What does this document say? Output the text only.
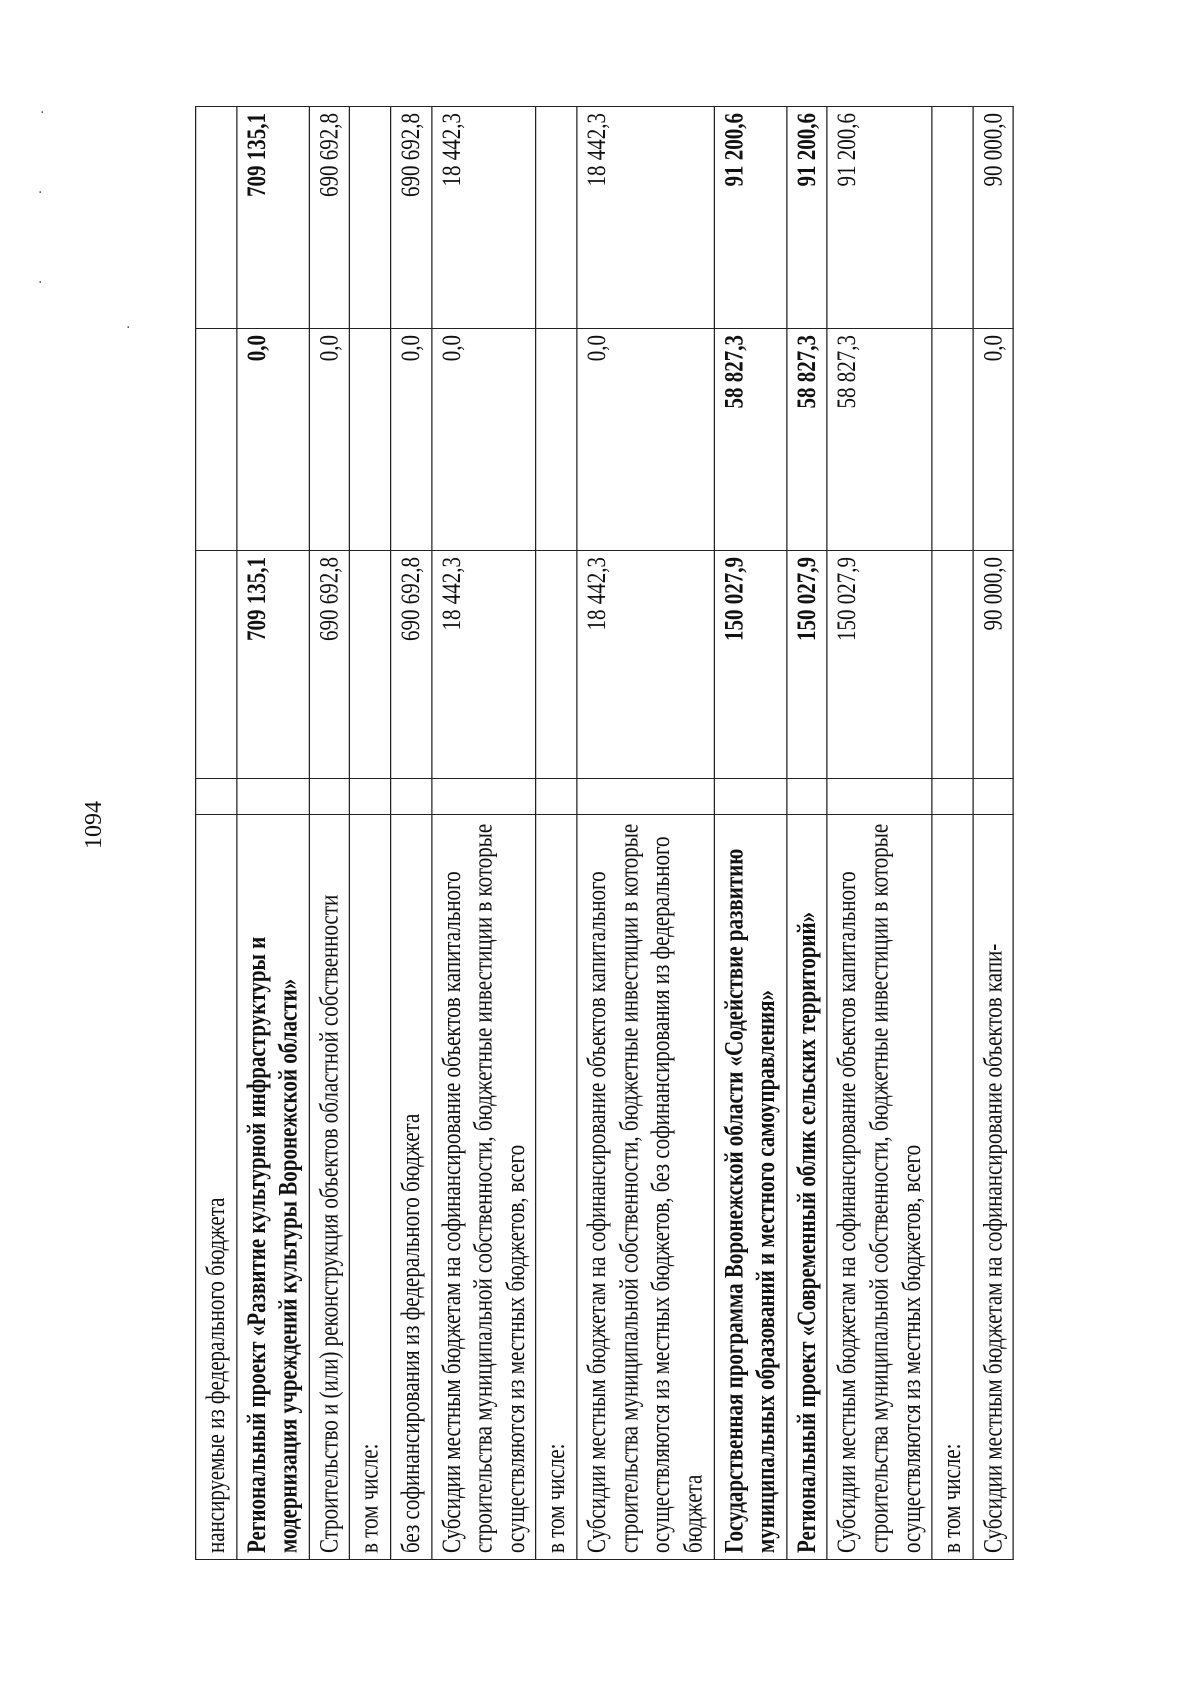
1094
·
·
·
·
нансируемые из федерального бюджета				
Региональный проект «Развитие культурной инфраструктуры и модернизация учреждений культуры Воронежской области»		709 135,1	0,0	709 135,1
Строительство и (или) реконструкция объектов областной собственности		690 692,8	0,0	690 692,8
в том числе:				
без софинансирования из федерального бюджета		690 692,8	0,0	690 692,8
Субсидии местным бюджетам на софинансирование объектов капитального строительства муниципальной собственности, бюджетные инвестиции в которые осуществляются из местных бюджетов, всего		18 442,3	0,0	18 442,3
в том числе:				
Субсидии местным бюджетам на софинансирование объектов капитального строительства муниципальной собственности, бюджетные инвестиции в которые осуществляются из местных бюджетов, без софинансирования из федерального бюджета		18 442,3	0,0	18 442,3
Государственная программа Воронежской области «Содействие развитию муниципальных образований и местного самоуправления»		150 027,9	58 827,3	91 200,6
Региональный проект «Современный облик сельских территорий»		150 027,9	58 827,3	91 200,6
Субсидии местным бюджетам на софинансирование объектов капитального строительства муниципальной собственности, бюджетные инвестиции в которые осуществляются из местных бюджетов, всего		150 027,9	58 827,3	91 200,6
в том числе:				
Субсидии местным бюджетам на софинансирование объектов капи-		90 000,0	0,0	90 000,0
